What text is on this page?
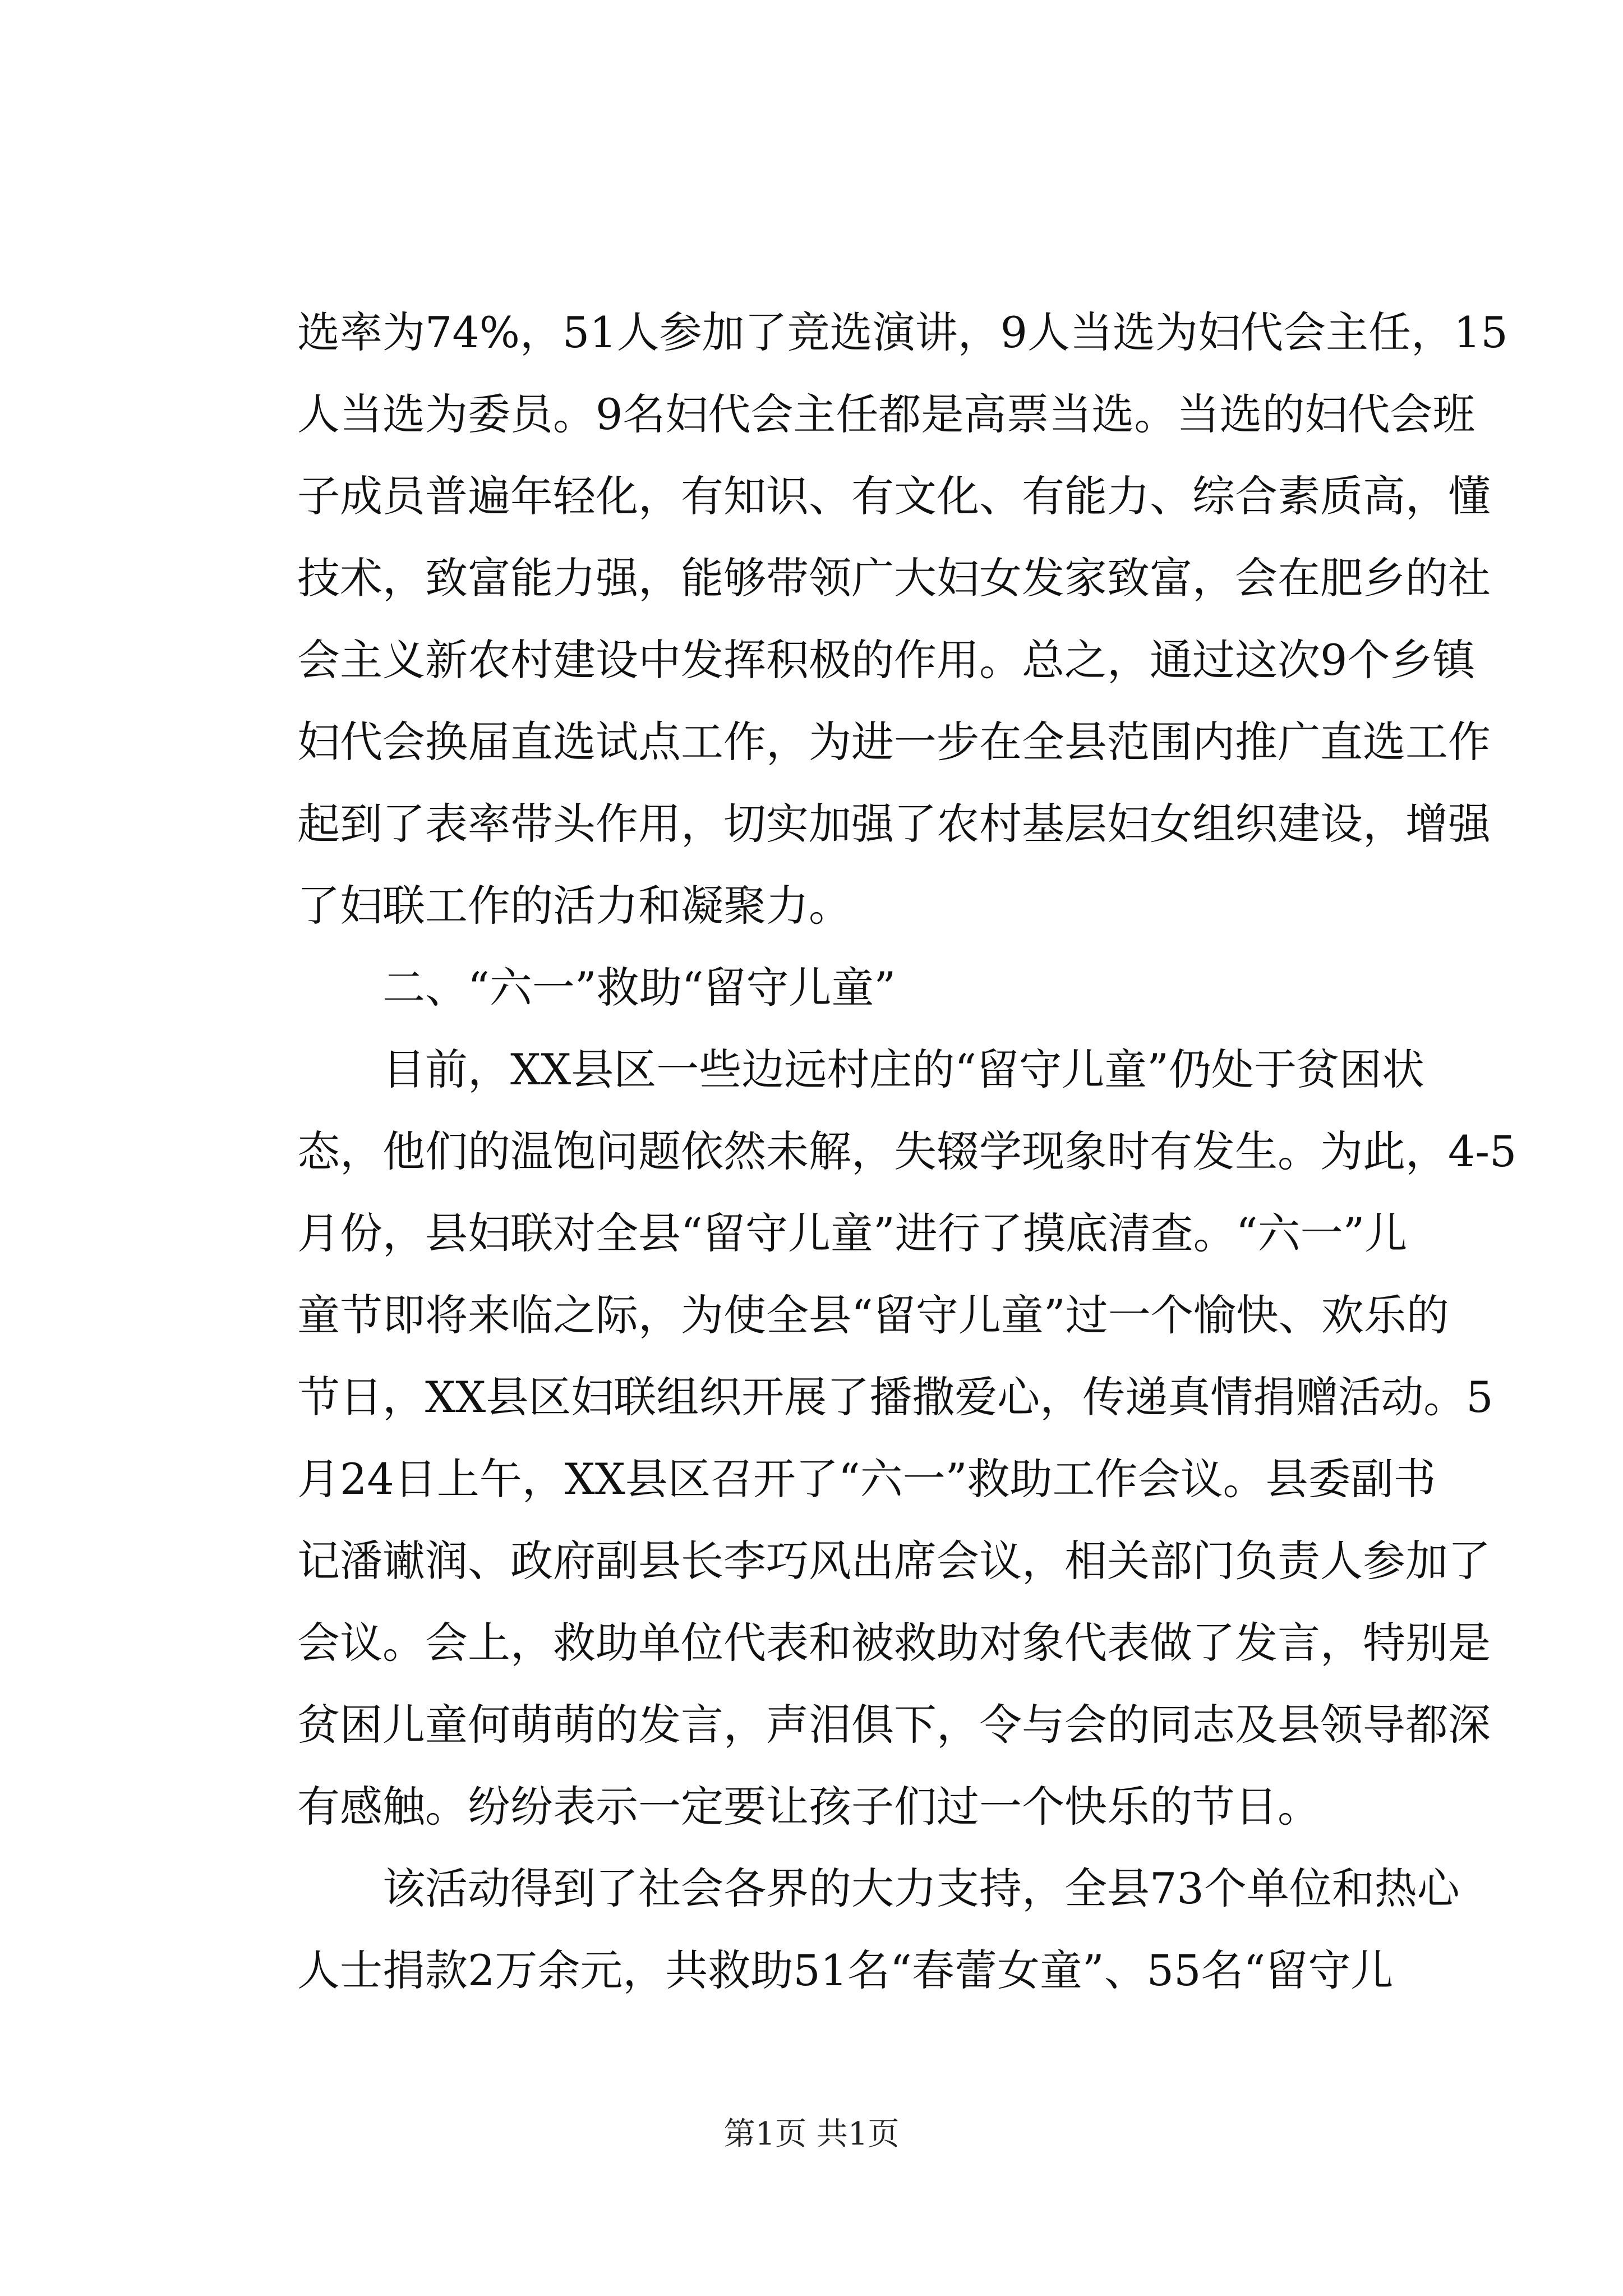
选率为74%，51人参加了竞选演讲，9人当选为妇代会主任，15
人当选为委员。9名妇代会主任都是高票当选。当选的妇代会班
子成员普遍年轻化，有知识、有文化、有能力、综合素质高，懂
技术，致富能力强，能够带领广大妇女发家致富，会在肥乡的社
会主义新农村建设中发挥积极的作用。总之，通过这次9个乡镇
妇代会换届直选试点工作，为进一步在全县范围内推广直选工作
起到了表率带头作用，切实加强了农村基层妇女组织建设，增强
了妇联工作的活力和凝聚力。
二、“六一”救助“留守儿童”
目前，XX县区一些边远村庄的“留守儿童”仍处于贫困状
态，他们的温饱问题依然未解，失辍学现象时有发生。为此，4-5
月份，县妇联对全县“留守儿童”进行了摸底清查。“六一”儿
童节即将来临之际，为使全县“留守儿童”过一个愉快、欢乐的
节日，XX县区妇联组织开展了播撒爱心，传递真情捐赠活动。5
月24日上午，XX县区召开了“六一”救助工作会议。县委副书
记潘谳润、政府副县长李巧风出席会议，相关部门负责人参加了
会议。会上，救助单位代表和被救助对象代表做了发言，特别是
贫困儿童何萌萌的发言，声泪俱下，令与会的同志及县领导都深
有感触。纷纷表示一定要让孩子们过一个快乐的节日。
该活动得到了社会各界的大力支持，全县73个单位和热心
人士捐款2万余元，共救助51名“春蕾女童”、55名“留守儿
第1页 共1页
